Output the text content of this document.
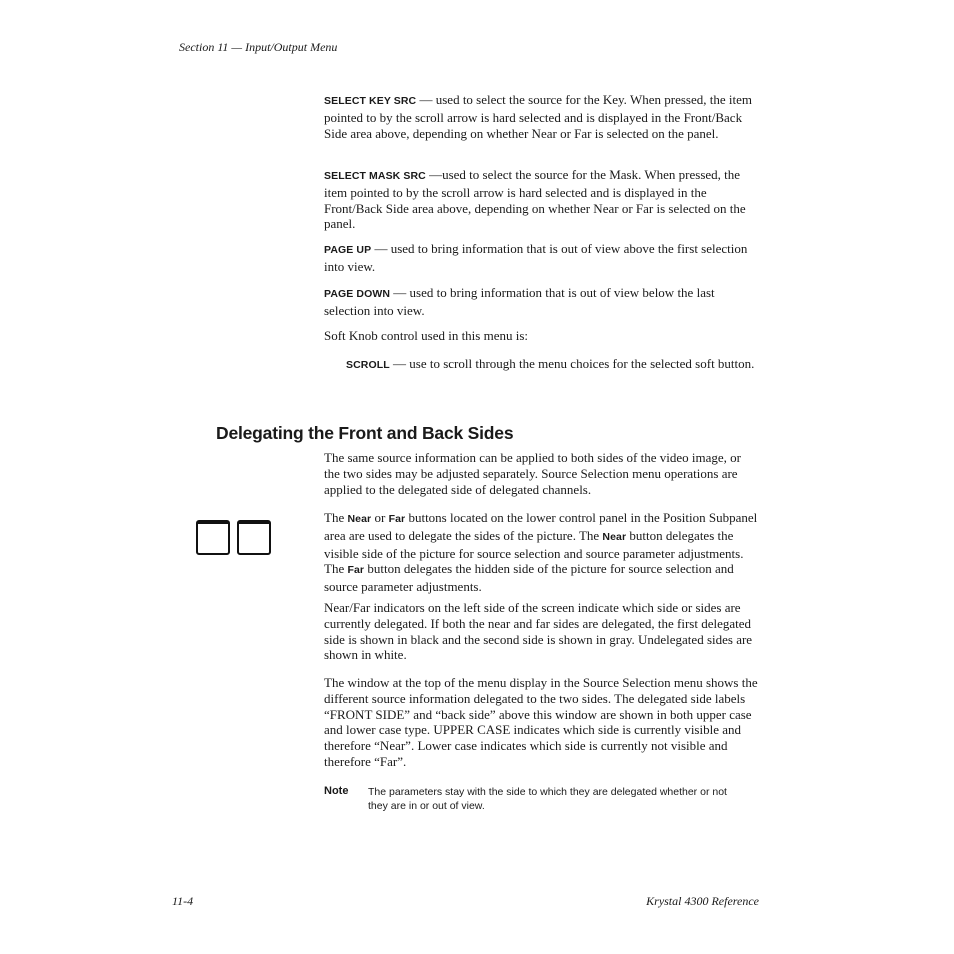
Section 11 — Input/Output Menu

SELECT KEY SRC — used to select the source for the Key. When pressed, the item pointed to by the scroll arrow is hard selected and is displayed in the Front/Back Side area above, depending on whether Near or Far is selected on the panel.

SELECT MASK SRC —used to select the source for the Mask. When pressed, the item pointed to by the scroll arrow is hard selected and is displayed in the Front/Back Side area above, depending on whether Near or Far is selected on the panel.

PAGE UP — used to bring information that is out of view above the first selection into view.

PAGE DOWN — used to bring information that is out of view below the last selection into view.

Soft Knob control used in this menu is:

SCROLL — use to scroll through the menu choices for the selected soft button.

Delegating the Front and Back Sides

The same source information can be applied to both sides of the video image, or the two sides may be adjusted separately. Source Selection menu operations are applied to the delegated side of delegated channels.

The Near or Far buttons located on the lower control panel in the Position Subpanel area are used to delegate the sides of the picture. The Near button delegates the visible side of the picture for source selection and source parameter adjustments. The Far button delegates the hidden side of the picture for source selection and source parameter adjustments.

Near/Far indicators on the left side of the screen indicate which side or sides are currently delegated. If both the near and far sides are delegated, the first delegated side is shown in black and the second side is shown in gray. Undelegated sides are shown in white.

The window at the top of the menu display in the Source Selection menu shows the different source information delegated to the two sides. The delegated side labels “FRONT SIDE” and “back side” above this window are shown in both upper case and lower case type. UPPER CASE indicates which side is currently visible and therefore “Near”. Lower case indicates which side is currently not visible and therefore “Far”.

Note The parameters stay with the side to which they are delegated whether or not they are in or out of view.
11-4	Krystal 4300 Reference
